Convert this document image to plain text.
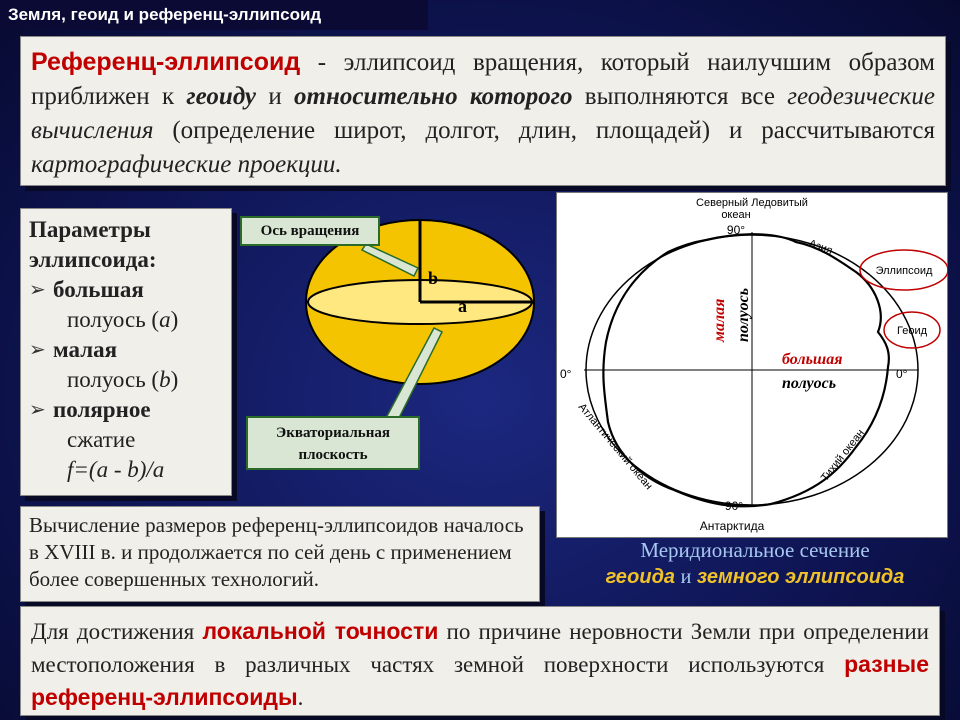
Земля, геоид и референц-эллипсоид
Референц-эллипсоид - эллипсоид вращения, который наилучшим образом приближен к геоиду и относительно которого выполняются все геодезические вычисления (определение широт, долгот, длин, площадей) и рассчитываются картографические проекции.
Параметры
эллипсоида:
➢ большая
полуось (a)
➢ малая
полуось (b)
➢ полярное
сжатие
f=(a - b)/a
b
a
Ось вращения
Экваториальная
плоскость
Северный Ледовитый
океан
90°
Азия
Эллипсоид
Геоид
0°	0°
Атлантический океан	Тихий океан
90°
Антарктида
малая полуось
большая
полуось
Меридиональное сечение
геоида и земного эллипсоида
Вычисление размеров референц-эллипсоидов началось в XVIII в. и продолжается по сей день с применением более совершенных технологий.
Для достижения локальной точности по причине неровности Земли при определении местоположения в различных частях земной поверхности используются разные референц-эллипсоиды.
